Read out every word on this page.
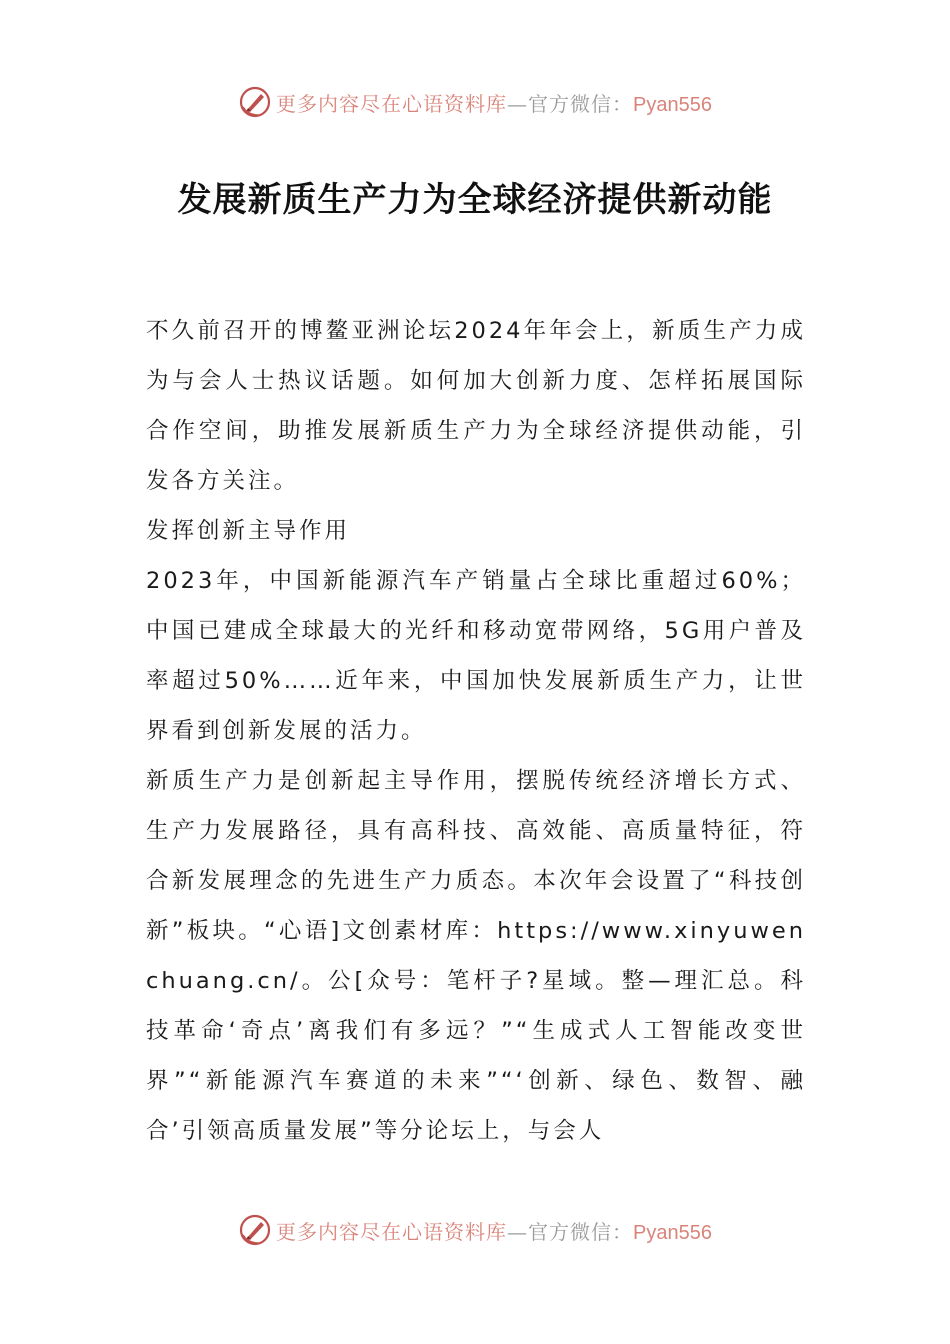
更多内容尽在心语资料库—官方微信：Pyan556
发展新质生产力为全球经济提供新动能

不久前召开的博鳌亚洲论坛2024年年会上，新质生产力成为与会人士热议话题。如何加大创新力度、怎样拓展国际合作空间，助推发展新质生产力为全球经济提供动能，引发各方关注。

发挥创新主导作用

2023年，中国新能源汽车产销量占全球比重超过60%；中国已建成全球最大的光纤和移动宽带网络，5G用户普及率超过50%……近年来，中国加快发展新质生产力，让世界看到创新发展的活力。

新质生产力是创新起主导作用，摆脱传统经济增长方式、生产力发展路径，具有高科技、高效能、高质量特征，符合新发展理念的先进生产力质态。本次年会设置了“科技创新”板块。“心语]文创素材库：https://www.xinyuwenchuang.cn/。公[众号：笔杆子?星域。整—理汇总。科技革命‘奇点’离我们有多远？”“生成式人工智能改变世界”“新能源汽车赛道的未来”“‘创新、绿色、数智、融合’引领高质量发展”等分论坛上，与会人

更多内容尽在心语资料库—官方微信：Pyan556
